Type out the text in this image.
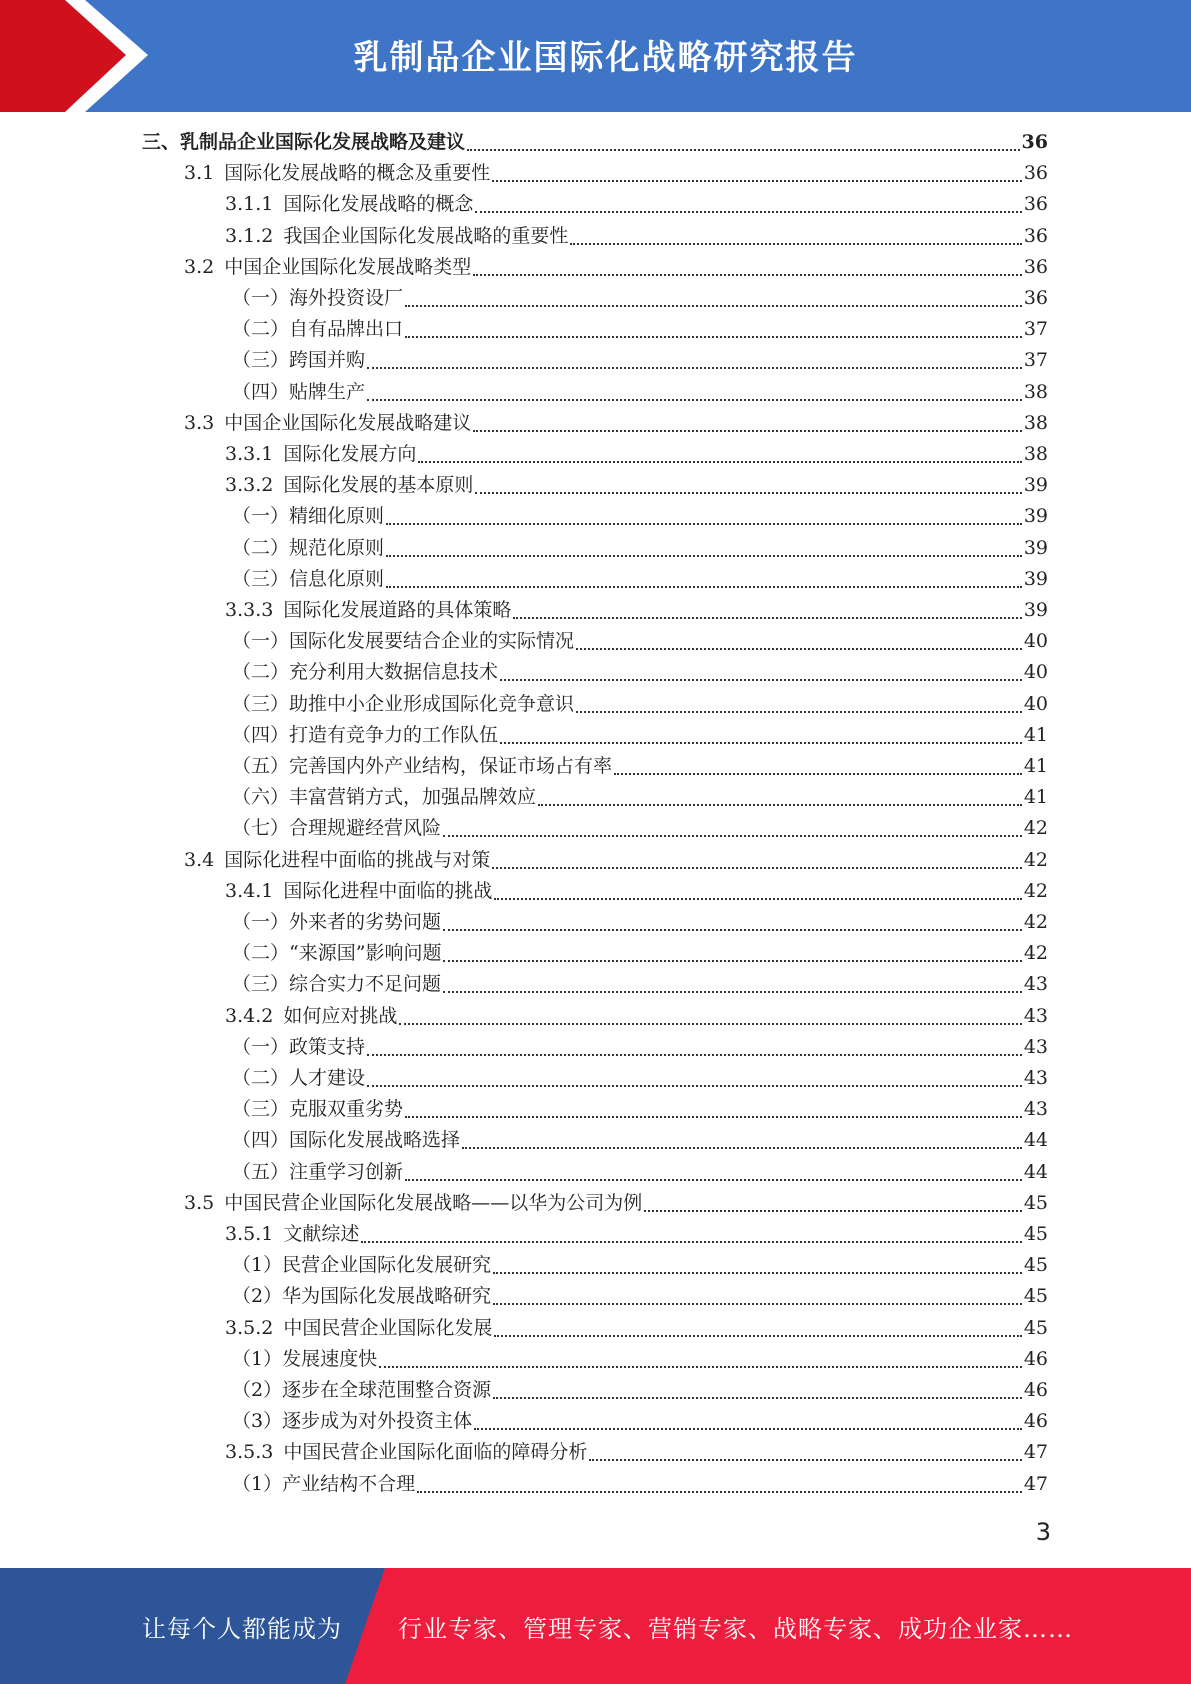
乳制品企业国际化战略研究报告
三、 乳制品企业国际化发展战略及建议	36
3.1 国际化发展战略的概念及重要性	36
3.1.1 国际化发展战略的概念	36
3.1.2 我国企业国际化发展战略的重要性	36
3.2 中国企业国际化发展战略类型	36
（一） 海外投资设厂	36
（二） 自有品牌出口	37
（三） 跨国并购	37
（四） 贴牌生产	38
3.3 中国企业国际化发展战略建议	38
3.3.1 国际化发展方向	38
3.3.2 国际化发展的基本原则	39
（一） 精细化原则	39
（二） 规范化原则	39
（三） 信息化原则	39
3.3.3 国际化发展道路的具体策略	39
（一） 国际化发展要结合企业的实际情况	40
（二） 充分利用大数据信息技术	40
（三） 助推中小企业形成国际化竞争意识	40
（四） 打造有竞争力的工作队伍	41
（五） 完善国内外产业结构，保证市场占有率	41
（六） 丰富营销方式，加强品牌效应	41
（七） 合理规避经营风险	42
3.4 国际化进程中面临的挑战与对策	42
3.4.1 国际化进程中面临的挑战	42
（一） 外来者的劣势问题	42
（二） “来源国”影响问题	42
（三） 综合实力不足问题	43
3.4.2 如何应对挑战	43
（一） 政策支持	43
（二） 人才建设	43
（三） 克服双重劣势	43
（四） 国际化发展战略选择	44
（五） 注重学习创新	44
3.5 中国民营企业国际化发展战略——以华为公司为例	45
3.5.1 文献综述	45
（1） 民营企业国际化发展研究	45
（2） 华为国际化发展战略研究	45
3.5.2 中国民营企业国际化发展	45
（1） 发展速度快	46
（2） 逐步在全球范围整合资源	46
（3） 逐步成为对外投资主体	46
3.5.3 中国民营企业国际化面临的障碍分析	47
（1） 产业结构不合理	47
3
让每个人都能成为 行业专家、管理专家、营销专家、战略专家、成功企业家……
